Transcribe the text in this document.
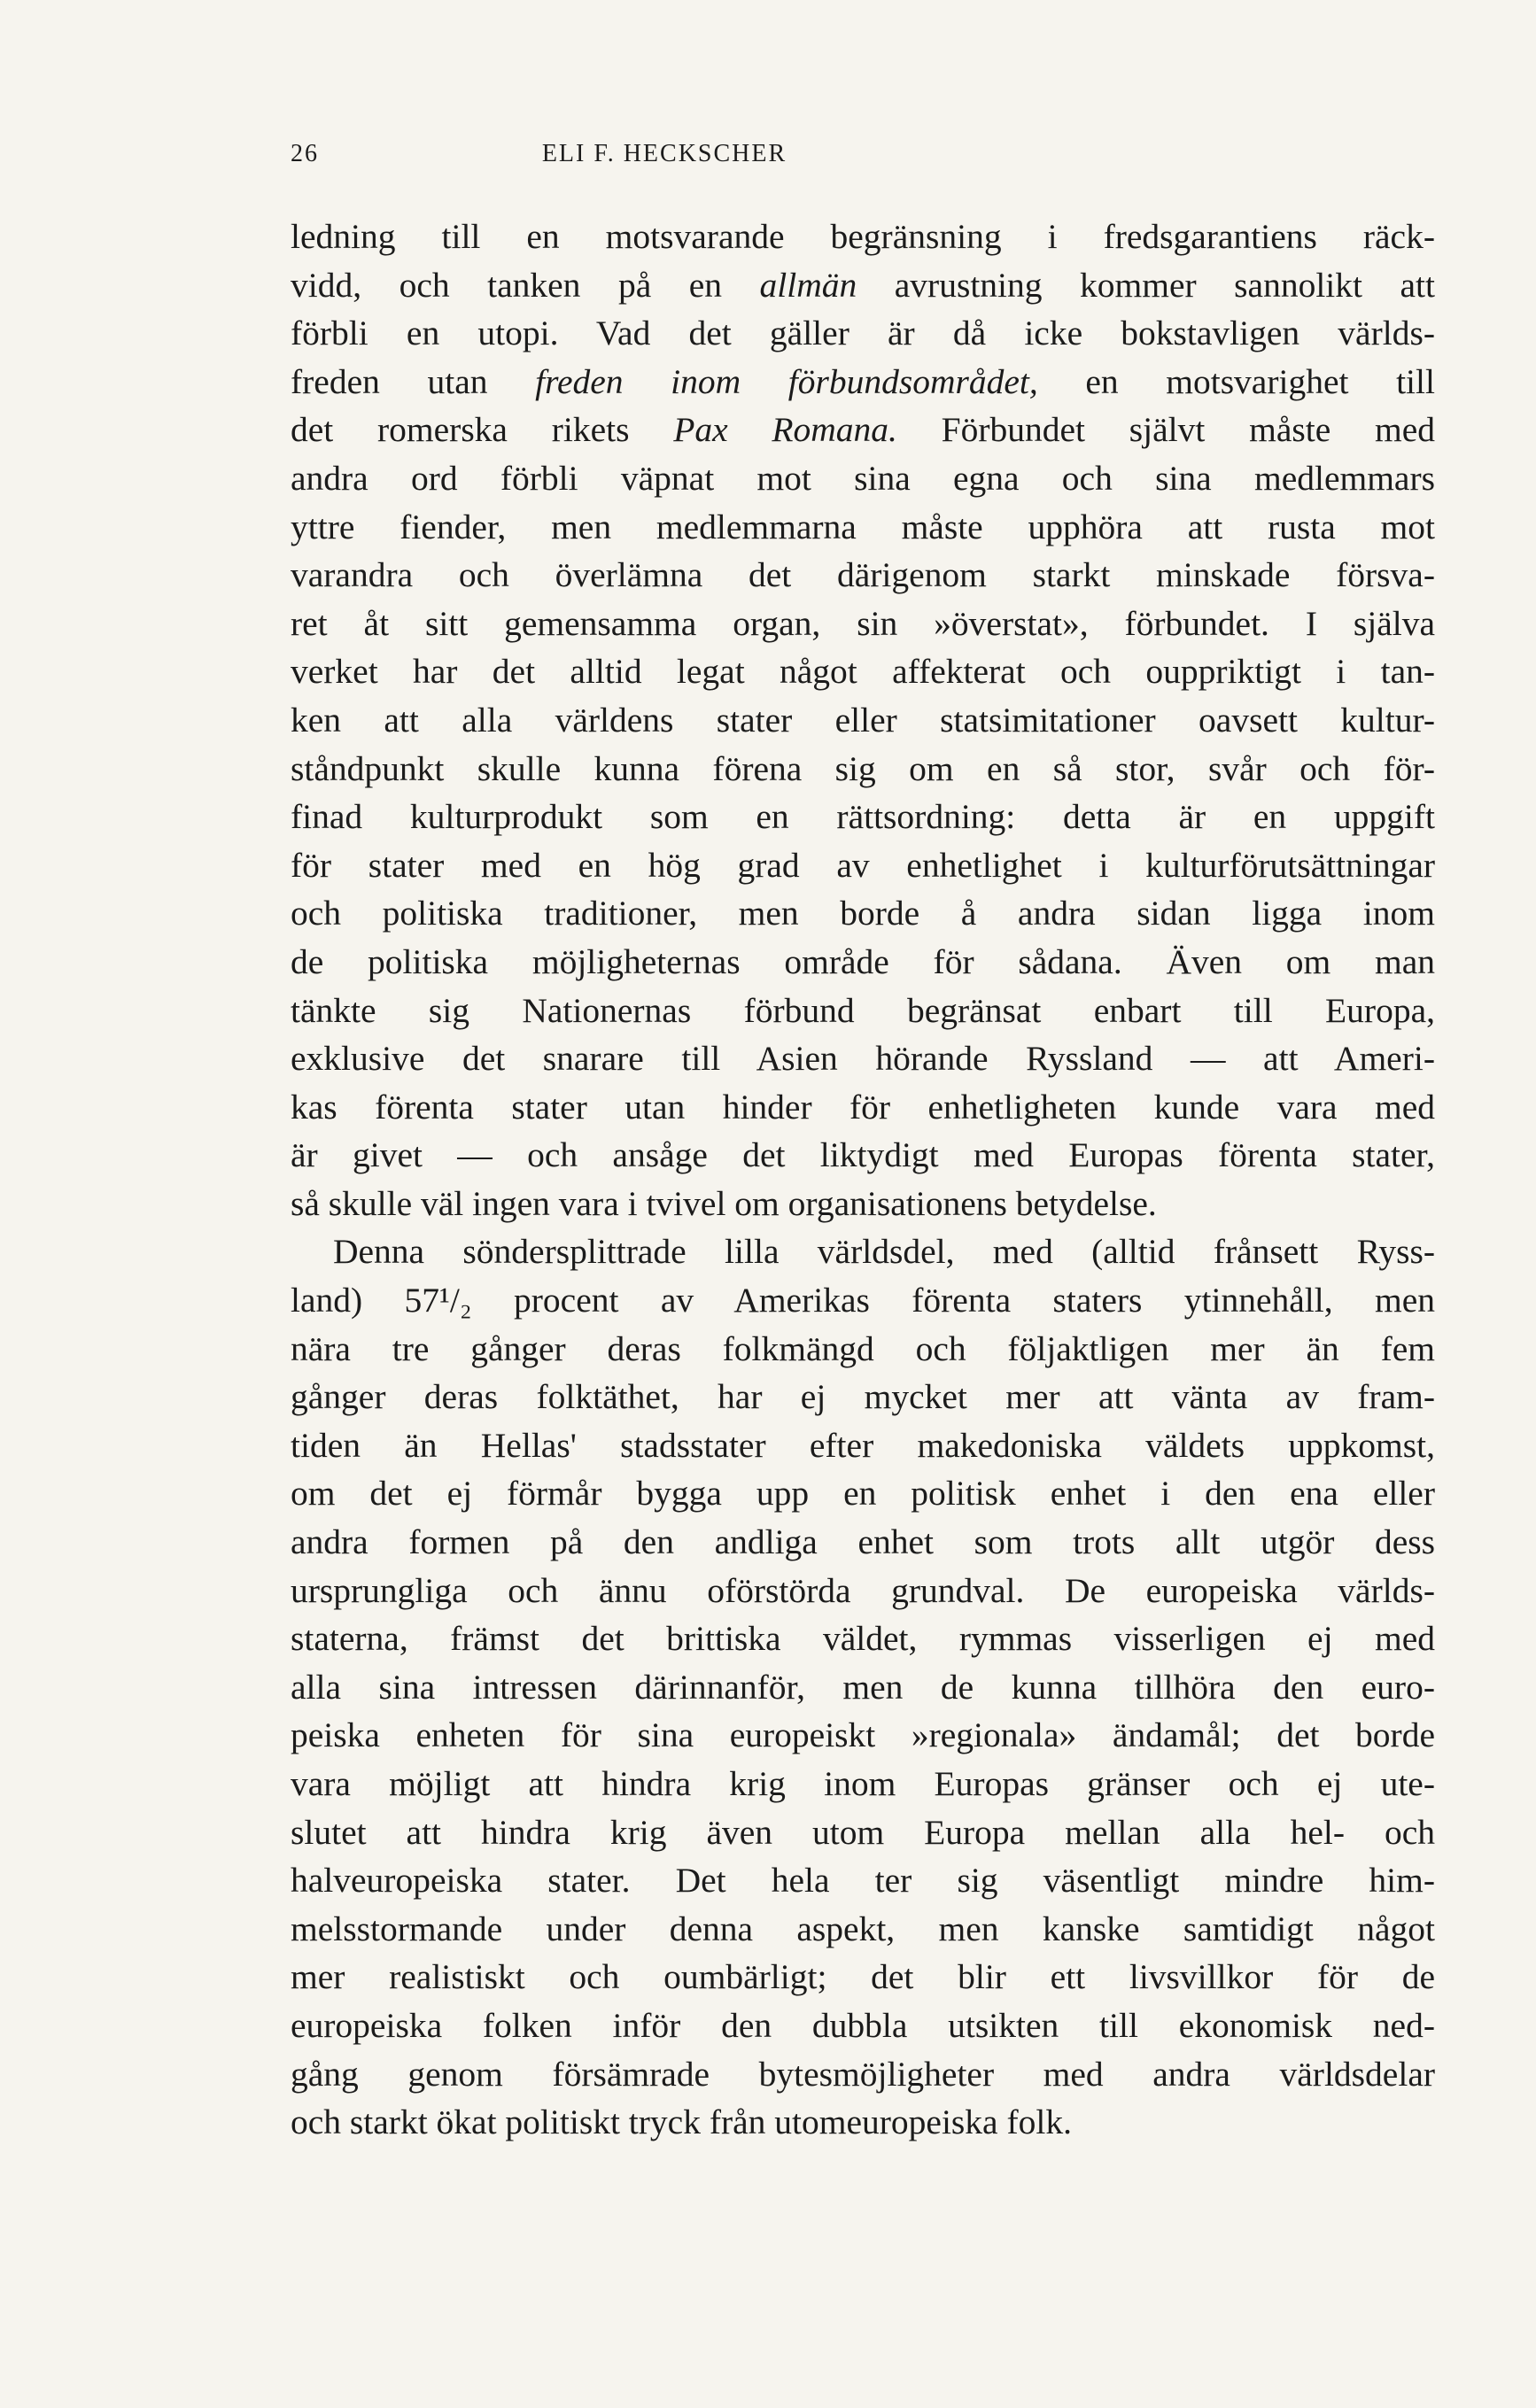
26	ELI F. HECKSCHER
ledning till en motsvarande begränsning i fredsgarantiens räck-
vidd, och tanken på en allmän avrustning kommer sannolikt att
förbli en utopi. Vad det gäller är då icke bokstavligen världs-
freden utan freden inom förbundsområdet, en motsvarighet till
det romerska rikets Pax Romana. Förbundet självt måste med
andra ord förbli väpnat mot sina egna och sina medlemmars
yttre fiender, men medlemmarna måste upphöra att rusta mot
varandra och överlämna det därigenom starkt minskade försva-
ret åt sitt gemensamma organ, sin »överstat», förbundet. I själva
verket har det alltid legat något affekterat och ouppriktigt i tan-
ken att alla världens stater eller statsimitationer oavsett kultur-
ståndpunkt skulle kunna förena sig om en så stor, svår och för-
finad kulturprodukt som en rättsordning: detta är en uppgift
för stater med en hög grad av enhetlighet i kulturförutsättningar
och politiska traditioner, men borde å andra sidan ligga inom
de politiska möjligheternas område för sådana. Även om man
tänkte sig Nationernas förbund begränsat enbart till Europa,
exklusive det snarare till Asien hörande Ryssland — att Ameri-
kas förenta stater utan hinder för enhetligheten kunde vara med
är givet — och ansåge det liktydigt med Europas förenta stater,
så skulle väl ingen vara i tvivel om organisationens betydelse.
Denna söndersplittrade lilla världsdel, med (alltid frånsett Ryss-
land) 57¹/₂ procent av Amerikas förenta staters ytinnehåll, men
nära tre gånger deras folkmängd och följaktligen mer än fem
gånger deras folktäthet, har ej mycket mer att vänta av fram-
tiden än Hellas' stadsstater efter makedoniska väldets uppkomst,
om det ej förmår bygga upp en politisk enhet i den ena eller
andra formen på den andliga enhet som trots allt utgör dess
ursprungliga och ännu oförstörda grundval. De europeiska världs-
staterna, främst det brittiska väldet, rymmas visserligen ej med
alla sina intressen därinnanför, men de kunna tillhöra den euro-
peiska enheten för sina europeiskt »regionala» ändamål; det borde
vara möjligt att hindra krig inom Europas gränser och ej ute-
slutet att hindra krig även utom Europa mellan alla hel- och
halveuropeiska stater. Det hela ter sig väsentligt mindre him-
melsstormande under denna aspekt, men kanske samtidigt något
mer realistiskt och oumbärligt; det blir ett livsvillkor för de
europeiska folken inför den dubbla utsikten till ekonomisk ned-
gång genom försämrade bytesmöjligheter med andra världsdelar
och starkt ökat politiskt tryck från utomeuropeiska folk.
